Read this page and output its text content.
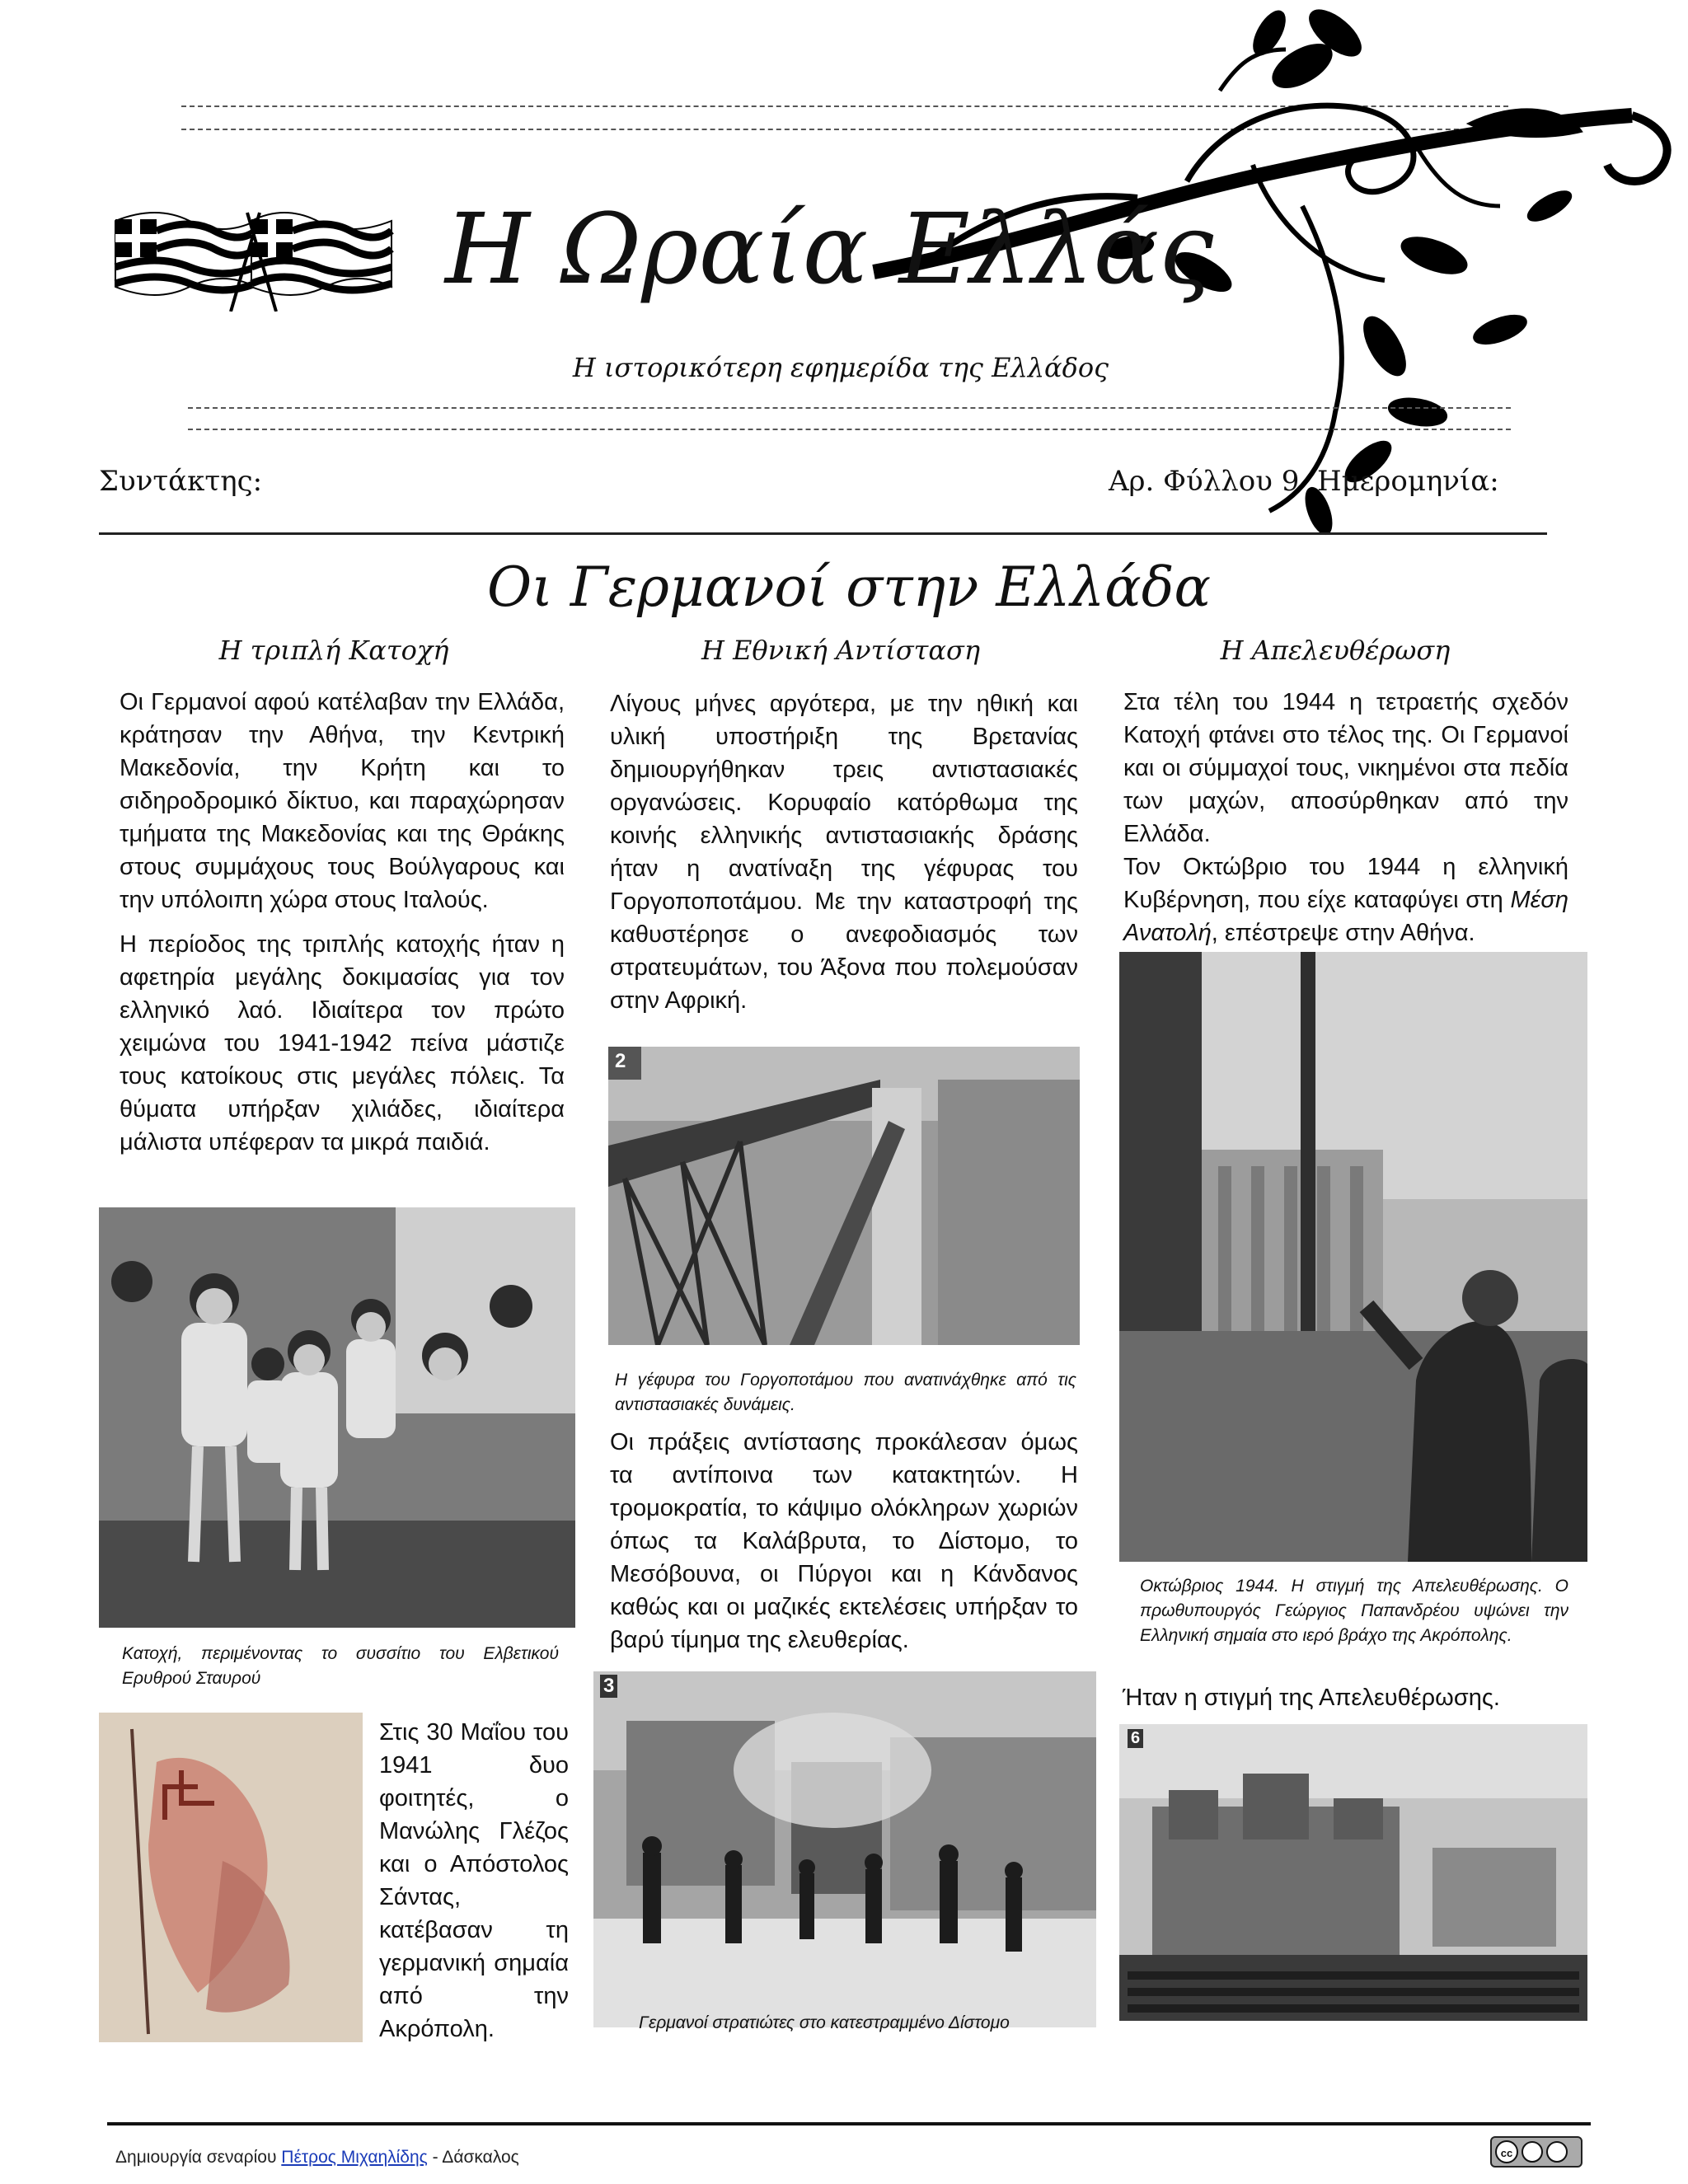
Η Ωραία Ελλάς
Η ιστορικότερη εφημερίδα της Ελλάδος
Συντάκτης:	Αρ. Φύλλου 9 Ημερομηνία:
Οι Γερμανοί στην Ελλάδα
Η τριπλή Κατοχή

Οι Γερμανοί αφού κατέλαβαν την Ελλάδα, κράτησαν την Αθήνα, την Κεντρική Μακεδονία, την Κρήτη και το σιδηροδρομικό δίκτυο, και παραχώρησαν τμήματα της Μακεδονίας και της Θράκης στους συμμάχους τους Βούλγαρους και την υπόλοιπη χώρα στους Ιταλούς.

Η περίοδος της τριπλής κατοχής ήταν η αφετηρία μεγάλης δοκιμασίας για τον ελληνικό λαό. Ιδιαίτερα τον πρώτο χειμώνα του 1941-1942 πείνα μάστιζε τους κατοίκους στις μεγάλες πόλεις. Τα θύματα υπήρξαν χιλιάδες, ιδιαίτερα μάλιστα υπέφεραν τα μικρά παιδιά.

Κατοχή, περιμένοντας το συσσίτιο του Ελβετικού Ερυθρού Σταυρού
Στις 30 Μαΐου του 1941 δυο φοιτητές, ο Μανώλης Γλέζος και ο Απόστολος Σάντας, κατέβασαν τη γερμανική σημαία από την Ακρόπολη.
Η Εθνική Αντίσταση
Λίγους μήνες αργότερα, με την ηθική και υλική υποστήριξη της Βρετανίας δημιουργήθηκαν τρεις αντιστασιακές οργανώσεις. Κορυφαίο κατόρθωμα της κοινής ελληνικής αντιστασιακής δράσης ήταν η ανατίναξη της γέφυρας του Γοργοποποτάμου. Με την καταστροφή της καθυστέρησε ο ανεφοδιασμός των στρατευμάτων, του Άξονα που πολεμούσαν στην Αφρική.
2
Η γέφυρα του Γοργοποτάμου που ανατινάχθηκε από τις αντιστασιακές δυνάμεις.
Οι πράξεις αντίστασης προκάλεσαν όμως τα αντίποινα των κατακτητών. Η τρομοκρατία, το κάψιμο ολόκληρων χωριών όπως τα Καλάβρυτα, το Δίστομο, το Μεσόβουνα, οι Πύργοι και η Κάνδανος καθώς και οι μαζικές εκτελέσεις υπήρξαν το βαρύ τίμημα της ελευθερίας.
3
Γερμανοί στρατιώτες στο κατεστραμμένο Δίστομο
Η Απελευθέρωση

Στα τέλη του 1944 η τετραετής σχεδόν Κατοχή φτάνει στο τέλος της. Οι Γερμανοί και οι σύμμαχοί τους, νικημένοι στα πεδία των μαχών, αποσύρθηκαν από την Ελλάδα.

Τον Οκτώβριο του 1944 η ελληνική Κυβέρνηση, που είχε καταφύγει στη Μέση Ανατολή, επέστρεψε στην Αθήνα.

Οκτώβριος 1944. Η στιγμή της Απελευθέρωσης. Ο πρωθυπουργός Γεώργιος Παπανδρέου υψώνει την Ελληνική σημαία στο ιερό βράχο της Ακρόπολης.
Ήταν η στιγμή της Απελευθέρωσης.
6
Δημιουργία σεναρίου Πέτρος Μιχαηλίδης - Δάσκαλος	cc
